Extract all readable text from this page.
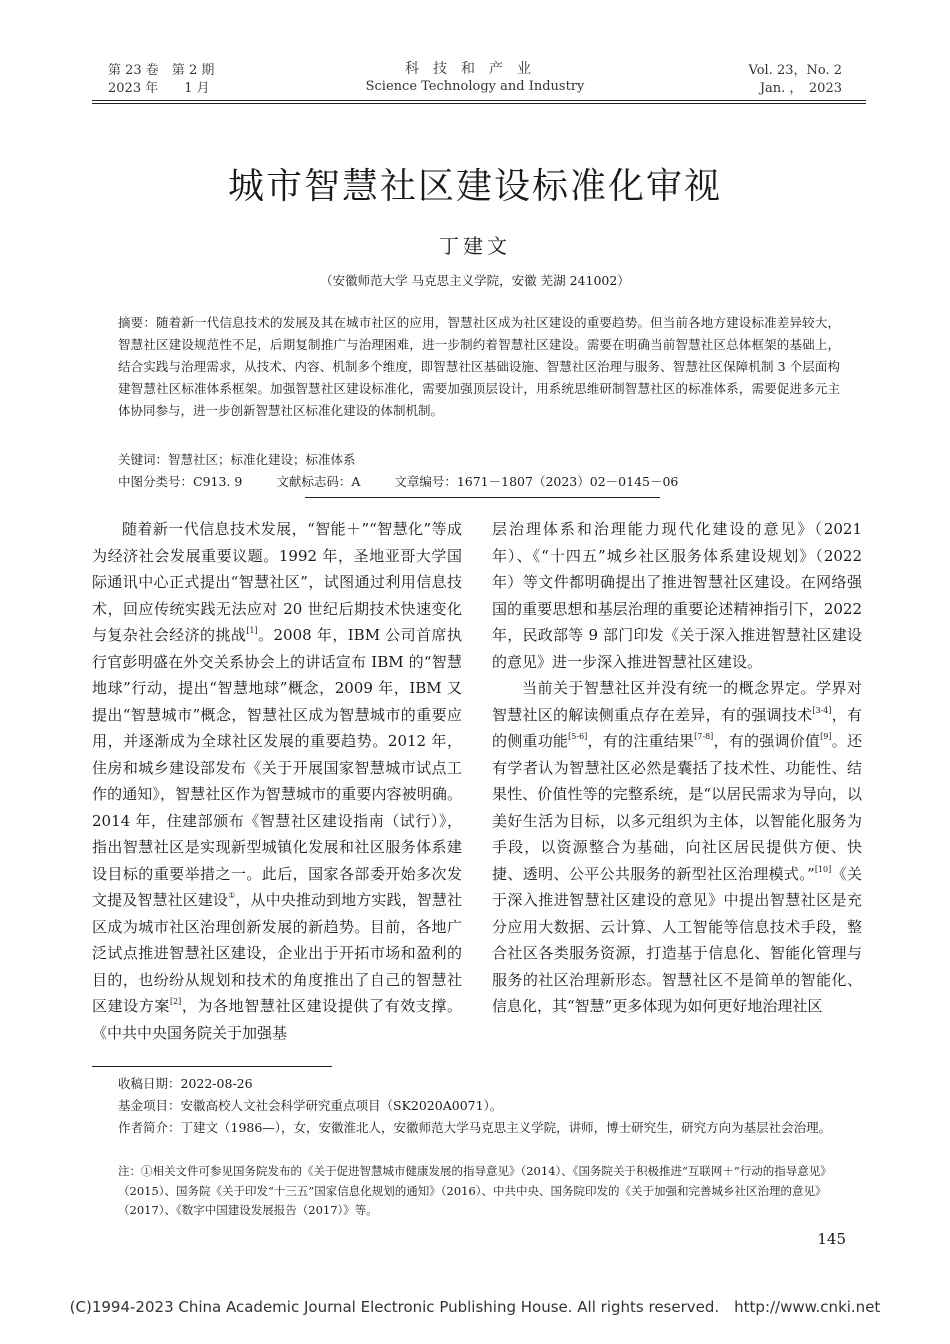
第 23 卷　第 2 期
2023 年　　1 月
科技和产业
Science Technology and Industry
Vol. 23，No. 2
Jan. ，　2023
城市智慧社区建设标准化审视
丁建文
（安徽师范大学 马克思主义学院，安徽 芜湖 241002）
摘要：随着新一代信息技术的发展及其在城市社区的应用，智慧社区成为社区建设的重要趋势。但当前各地方建设标准差异较大，智慧社区建设规范性不足，后期复制推广与治理困难，进一步制约着智慧社区建设。需要在明确当前智慧社区总体框架的基础上，结合实践与治理需求，从技术、内容、机制多个维度，即智慧社区基础设施、智慧社区治理与服务、智慧社区保障机制 3 个层面构建智慧社区标准体系框架。加强智慧社区建设标准化，需要加强顶层设计，用系统思维研制智慧社区的标准体系，需要促进多元主体协同参与，进一步创新智慧社区标准化建设的体制机制。
关键词：智慧社区；标准化建设；标准体系
中图分类号：C913. 9	文献标志码：A	文章编号：1671－1807（2023）02－0145－06

随着新一代信息技术发展，“智能＋”“智慧化”等成为经济社会发展重要议题。1992 年，圣地亚哥大学国际通讯中心正式提出“智慧社区”，试图通过利用信息技术，回应传统实践无法应对 20 世纪后期技术快速变化与复杂社会经济的挑战[1]。2008 年，IBM 公司首席执行官彭明盛在外交关系协会上的讲话宣布 IBM 的“智慧地球”行动，提出“智慧地球”概念，2009 年，IBM 又提出“智慧城市”概念，智慧社区成为智慧城市的重要应用，并逐渐成为全球社区发展的重要趋势。2012 年，住房和城乡建设部发布《关于开展国家智慧城市试点工作的通知》，智慧社区作为智慧城市的重要内容被明确。2014 年，住建部颁布《智慧社区建设指南（试行）》，指出智慧社区是实现新型城镇化发展和社区服务体系建设目标的重要举措之一。此后，国家各部委开始多次发文提及智慧社区建设①，从中央推动到地方实践，智慧社区成为城市社区治理创新发展的新趋势。目前，各地广泛试点推进智慧社区建设，企业出于开拓市场和盈利的目的，也纷纷从规划和技术的角度推出了自己的智慧社区建设方案[2]，为各地智慧社区建设提供了有效支撑。《中共中央国务院关于加强基

层治理体系和治理能力现代化建设的意见》（2021 年）、《“十四五”城乡社区服务体系建设规划》（2022 年）等文件都明确提出了推进智慧社区建设。在网络强国的重要思想和基层治理的重要论述精神指引下，2022 年，民政部等 9 部门印发《关于深入推进智慧社区建设的意见》进一步深入推进智慧社区建设。

当前关于智慧社区并没有统一的概念界定。学界对智慧社区的解读侧重点存在差异，有的强调技术[3-4]，有的侧重功能[5-6]，有的注重结果[7-8]，有的强调价值[9]。还有学者认为智慧社区必然是囊括了技术性、功能性、结果性、价值性等的完整系统，是“以居民需求为导向，以美好生活为目标，以多元组织为主体，以智能化服务为手段，以资源整合为基础，向社区居民提供方便、快捷、透明、公平公共服务的新型社区治理模式。”[10]《关于深入推进智慧社区建设的意见》中提出智慧社区是充分应用大数据、云计算、人工智能等信息技术手段，整合社区各类服务资源，打造基于信息化、智能化管理与服务的社区治理新形态。智慧社区不是简单的智能化、信息化，其“智慧”更多体现为如何更好地治理社区

收稿日期：2022-08-26
基金项目：安徽高校人文社会科学研究重点项目（SK2020A0071）。
作者简介：丁建文（1986—），女，安徽淮北人，安徽师范大学马克思主义学院，讲师，博士研究生，研究方向为基层社会治理。
注：①相关文件可参见国务院发布的《关于促进智慧城市健康发展的指导意见》（2014）、《国务院关于积极推进“互联网＋”行动的指导意见》（2015）、国务院《关于印发“十三五”国家信息化规划的通知》（2016）、中共中央、国务院印发的《关于加强和完善城乡社区治理的意见》（2017）、《数字中国建设发展报告（2017）》等。
145
(C)1994-2023 China Academic Journal Electronic Publishing House. All rights reserved.　http://www.cnki.net
